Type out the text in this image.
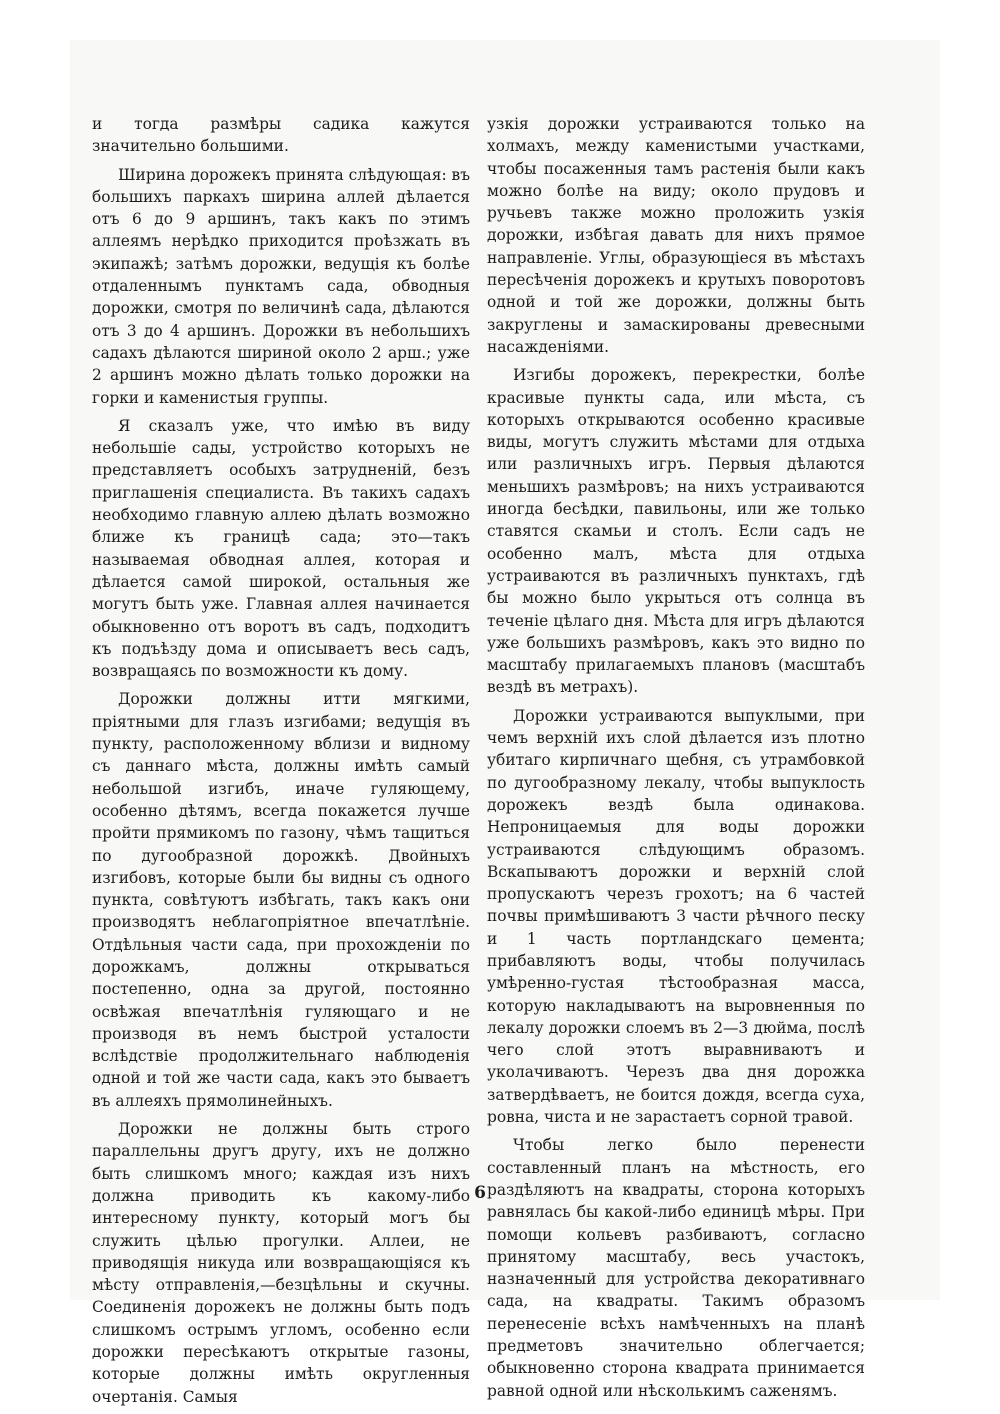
и тогда размѣры садика кажутся значительно большими.

Ширина дорожекъ принята слѣдующая: въ большихъ паркахъ ширина аллей дѣлается отъ 6 до 9 аршинъ, такъ какъ по этимъ аллеямъ нерѣдко приходится проѣзжать въ экипажѣ; затѣмъ дорожки, ведущія къ болѣе отдаленнымъ пунктамъ сада, обводныя дорожки, смотря по величинѣ сада, дѣлаются отъ 3 до 4 аршинъ. Дорожки въ небольшихъ садахъ дѣлаются шириной около 2 арш.; уже 2 аршинъ можно дѣлать только дорожки на горки и каменистыя группы.

Я сказалъ уже, что имѣю въ виду небольшіе сады, устройство которыхъ не представляетъ особыхъ затрудненій, безъ приглашенія специалиста. Въ такихъ садахъ необходимо главную аллею дѣлать возможно ближе къ границѣ сада; это—такъ называемая обводная аллея, которая и дѣлается самой широкой, остальныя же могутъ быть уже. Главная аллея начинается обыкновенно отъ воротъ въ садъ, подходитъ къ подъѣзду дома и описываетъ весь садъ, возвращаясь по возможности къ дому.

Дорожки должны итти мягкими, пріятными для глазъ изгибами; ведущія въ пункту, расположенному вблизи и видному съ даннаго мѣста, должны имѣть самый небольшой изгибъ, иначе гуляющему, особенно дѣтямъ, всегда покажется лучше пройти прямикомъ по газону, чѣмъ тащиться по дугообразной дорожкѣ. Двойныхъ изгибовъ, которые были бы видны съ одного пункта, совѣтуютъ избѣгать, такъ какъ они производятъ неблагопріятное впечатлѣніе. Отдѣльныя части сада, при прохожденіи по дорожкамъ, должны открываться постепенно, одна за другой, постоянно освѣжая впечатлѣнія гуляющаго и не производя въ немъ быстрой усталости вслѣдствіе продолжительнаго наблюденія одной и той же части сада, какъ это бываетъ въ аллеяхъ прямолинейныхъ.

Дорожки не должны быть строго параллельны другъ другу, ихъ не должно быть слишкомъ много; каждая изъ нихъ должна приводить къ какому-либо интересному пункту, который могъ бы служить цѣлью прогулки. Аллеи, не приводящія никуда или возвращающіяся къ мѣсту отправленія,—безцѣльны и скучны. Соединенія дорожекъ не должны быть подъ слишкомъ острымъ угломъ, особенно если дорожки пересѣкаютъ открытые газоны, которые должны имѣть округленныя очертанія. Самыя

узкія дорожки устраиваются только на холмахъ, между каменистыми участками, чтобы посаженныя тамъ растенія были какъ можно болѣе на виду; около прудовъ и ручьевъ также можно проложить узкія дорожки, избѣгая давать для нихъ прямое направленіе. Углы, образующіеся въ мѣстахъ пересѣченія дорожекъ и крутыхъ поворотовъ одной и той же дорожки, должны быть закруглены и замаскированы древесными насажденіями.

Изгибы дорожекъ, перекрестки, болѣе красивые пункты сада, или мѣста, съ которыхъ открываются особенно красивые виды, могутъ служить мѣстами для отдыха или различныхъ игръ. Первыя дѣлаются меньшихъ размѣровъ; на нихъ устраиваются иногда бесѣдки, павильоны, или же только ставятся скамьи и столъ. Если садъ не особенно малъ, мѣста для отдыха устраиваются въ различныхъ пунктахъ, гдѣ бы можно было укрыться отъ солнца въ теченіе цѣлаго дня. Мѣста для игръ дѣлаются уже большихъ размѣровъ, какъ это видно по масштабу прилагаемыхъ плановъ (масштабъ вездѣ въ метрахъ).

Дорожки устраиваются выпуклыми, при чемъ верхній ихъ слой дѣлается изъ плотно убитаго кирпичнаго щебня, съ утрамбовкой по дугообразному лекалу, чтобы выпуклость дорожекъ вездѣ была одинакова. Непроницаемыя для воды дорожки устраиваются слѣдующимъ образомъ. Вскапываютъ дорожки и верхній слой пропускаютъ черезъ грохотъ; на 6 частей почвы примѣшиваютъ 3 части рѣчного песку и 1 часть портландскаго цемента; прибавляютъ воды, чтобы получилась умѣренно-густая тѣстообразная масса, которую накладываютъ на выровненныя по лекалу дорожки слоемъ въ 2—3 дюйма, послѣ чего слой этотъ выравниваютъ и уколачиваютъ. Черезъ два дня дорожка затвердѣваетъ, не боится дождя, всегда суха, ровна, чиста и не зарастаетъ сорной травой.

Чтобы легко было перенести составленный планъ на мѣстность, его раздѣляютъ на квадраты, сторона которыхъ равнялась бы какой-либо единицѣ мѣры. При помощи кольевъ разбиваютъ, согласно принятому масштабу, весь участокъ, назначенный для устройства декоративнаго сада, на квадраты. Такимъ образомъ перенесеніе всѣхъ намѣченныхъ на планѣ предметовъ значительно облегчается; обыкновенно сторона квадрата принимается равной одной или нѣсколькимъ саженямъ.

6
